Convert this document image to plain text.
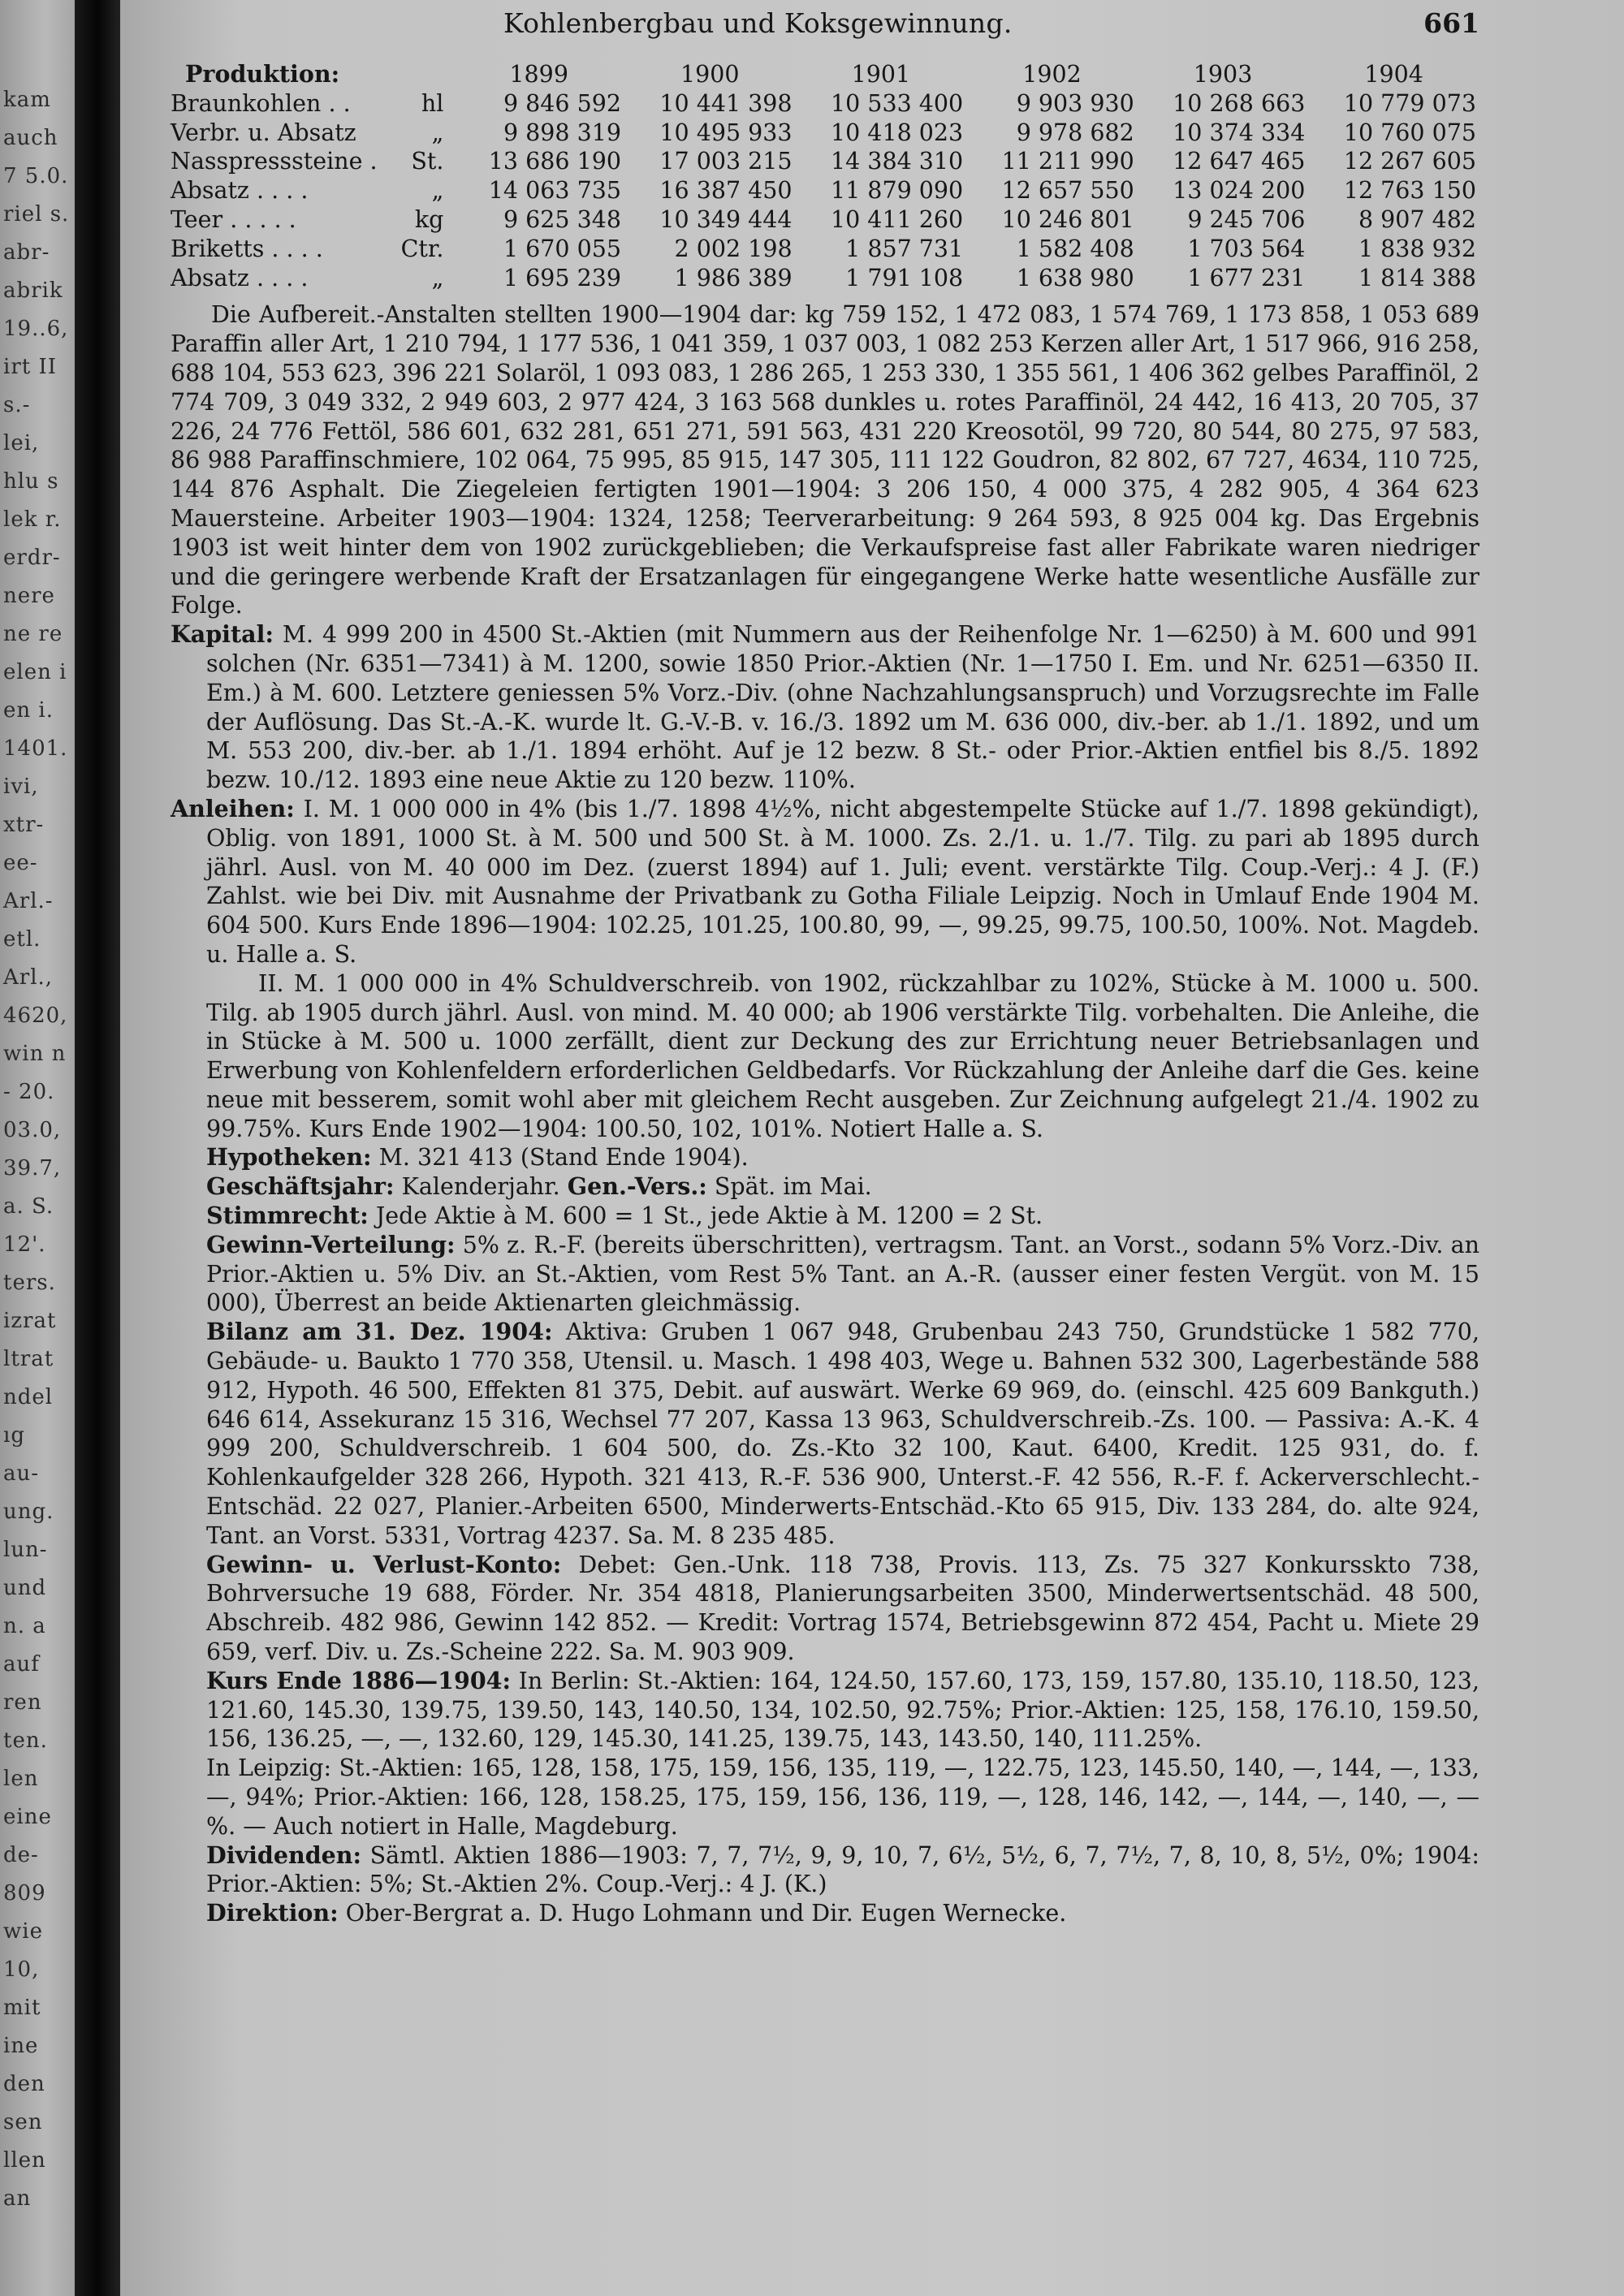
kam
auch
7 5.0.
riel s.
abr-
abrik
19..6,
irt II
s.-
lei,
hlu s
lek r.
erdr-
nere
ne re
elen i
en i.
1401.
ivi,
xtr-
ee-
Arl.-
etl.
Arl.,
4620,
win n
- 20.
03.0,
39.7,
a. S.
12'.
ters.
izrat
ltrat
ndel
ıg
au-
ung.
lun-
und
n. a
auf
ren
ten.
len
eine
de-
809
wie
10,
mit
ine
den
sen
llen
an
Kohlenbergbau und Koksgewinnung.	661
Produktion:		1899	1900	1901	1902	1903	1904
Braunkohlen . .	hl	9 846 592	10 441 398	10 533 400	9 903 930	10 268 663	10 779 073
Verbr. u. Absatz	„	9 898 319	10 495 933	10 418 023	9 978 682	10 374 334	10 760 075
Nasspresssteine .	St.	13 686 190	17 003 215	14 384 310	11 211 990	12 647 465	12 267 605
Absatz . . . .	„	14 063 735	16 387 450	11 879 090	12 657 550	13 024 200	12 763 150
Teer . . . . .	kg	9 625 348	10 349 444	10 411 260	10 246 801	9 245 706	8 907 482
Briketts . . . .	Ctr.	1 670 055	2 002 198	1 857 731	1 582 408	1 703 564	1 838 932
Absatz . . . .	„	1 695 239	1 986 389	1 791 108	1 638 980	1 677 231	1 814 388

Die Aufbereit.-Anstalten stellten 1900—1904 dar: kg 759 152, 1 472 083, 1 574 769, 1 173 858, 1 053 689 Paraffin aller Art, 1 210 794, 1 177 536, 1 041 359, 1 037 003, 1 082 253 Kerzen aller Art, 1 517 966, 916 258, 688 104, 553 623, 396 221 Solaröl, 1 093 083, 1 286 265, 1 253 330, 1 355 561, 1 406 362 gelbes Paraffinöl, 2 774 709, 3 049 332, 2 949 603, 2 977 424, 3 163 568 dunkles u. rotes Paraffinöl, 24 442, 16 413, 20 705, 37 226, 24 776 Fettöl, 586 601, 632 281, 651 271, 591 563, 431 220 Kreosotöl, 99 720, 80 544, 80 275, 97 583, 86 988 Paraffinschmiere, 102 064, 75 995, 85 915, 147 305, 111 122 Goudron, 82 802, 67 727, 4634, 110 725, 144 876 Asphalt. Die Ziegeleien fertigten 1901—1904: 3 206 150, 4 000 375, 4 282 905, 4 364 623 Mauersteine. Arbeiter 1903—1904: 1324, 1258; Teerverarbeitung: 9 264 593, 8 925 004 kg. Das Ergebnis 1903 ist weit hinter dem von 1902 zurückgeblieben; die Verkaufspreise fast aller Fabrikate waren niedriger und die geringere werbende Kraft der Ersatzanlagen für eingegangene Werke hatte wesentliche Ausfälle zur Folge.

Kapital: M. 4 999 200 in 4500 St.-Aktien (mit Nummern aus der Reihenfolge Nr. 1—6250) à M. 600 und 991 solchen (Nr. 6351—7341) à M. 1200, sowie 1850 Prior.-Aktien (Nr. 1—1750 I. Em. und Nr. 6251—6350 II. Em.) à M. 600. Letztere geniessen 5% Vorz.-Div. (ohne Nachzahlungsanspruch) und Vorzugsrechte im Falle der Auflösung. Das St.-A.-K. wurde lt. G.-V.-B. v. 16./3. 1892 um M. 636 000, div.-ber. ab 1./1. 1892, und um M. 553 200, div.-ber. ab 1./1. 1894 erhöht. Auf je 12 bezw. 8 St.- oder Prior.-Aktien entfiel bis 8./5. 1892 bezw. 10./12. 1893 eine neue Aktie zu 120 bezw. 110%.

Anleihen: I. M. 1 000 000 in 4% (bis 1./7. 1898 4½%, nicht abgestempelte Stücke auf 1./7. 1898 gekündigt), Oblig. von 1891, 1000 St. à M. 500 und 500 St. à M. 1000. Zs. 2./1. u. 1./7. Tilg. zu pari ab 1895 durch jährl. Ausl. von M. 40 000 im Dez. (zuerst 1894) auf 1. Juli; event. verstärkte Tilg. Coup.-Verj.: 4 J. (F.) Zahlst. wie bei Div. mit Ausnahme der Privatbank zu Gotha Filiale Leipzig. Noch in Umlauf Ende 1904 M. 604 500. Kurs Ende 1896—1904: 102.25, 101.25, 100.80, 99, —, 99.25, 99.75, 100.50, 100%. Not. Magdeb. u. Halle a. S.

II. M. 1 000 000 in 4% Schuldverschreib. von 1902, rückzahlbar zu 102%, Stücke à M. 1000 u. 500. Tilg. ab 1905 durch jährl. Ausl. von mind. M. 40 000; ab 1906 verstärkte Tilg. vorbehalten. Die Anleihe, die in Stücke à M. 500 u. 1000 zerfällt, dient zur Deckung des zur Errichtung neuer Betriebsanlagen und Erwerbung von Kohlenfeldern erforderlichen Geldbedarfs. Vor Rückzahlung der Anleihe darf die Ges. keine neue mit besserem, somit wohl aber mit gleichem Recht ausgeben. Zur Zeichnung aufgelegt 21./4. 1902 zu 99.75%. Kurs Ende 1902—1904: 100.50, 102, 101%. Notiert Halle a. S.

Hypotheken: M. 321 413 (Stand Ende 1904).

Geschäftsjahr: Kalenderjahr. Gen.-Vers.: Spät. im Mai.

Stimmrecht: Jede Aktie à M. 600 = 1 St., jede Aktie à M. 1200 = 2 St.

Gewinn-Verteilung: 5% z. R.-F. (bereits überschritten), vertragsm. Tant. an Vorst., sodann 5% Vorz.-Div. an Prior.-Aktien u. 5% Div. an St.-Aktien, vom Rest 5% Tant. an A.-R. (ausser einer festen Vergüt. von M. 15 000), Überrest an beide Aktienarten gleichmässig.

Bilanz am 31. Dez. 1904: Aktiva: Gruben 1 067 948, Grubenbau 243 750, Grundstücke 1 582 770, Gebäude- u. Baukto 1 770 358, Utensil. u. Masch. 1 498 403, Wege u. Bahnen 532 300, Lagerbestände 588 912, Hypoth. 46 500, Effekten 81 375, Debit. auf auswärt. Werke 69 969, do. (einschl. 425 609 Bankguth.) 646 614, Assekuranz 15 316, Wechsel 77 207, Kassa 13 963, Schuldverschreib.-Zs. 100. — Passiva: A.-K. 4 999 200, Schuldverschreib. 1 604 500, do. Zs.-Kto 32 100, Kaut. 6400, Kredit. 125 931, do. f. Kohlenkaufgelder 328 266, Hypoth. 321 413, R.-F. 536 900, Unterst.-F. 42 556, R.-F. f. Ackerverschlecht.-Entschäd. 22 027, Planier.-Arbeiten 6500, Minderwerts-Entschäd.-Kto 65 915, Div. 133 284, do. alte 924, Tant. an Vorst. 5331, Vortrag 4237. Sa. M. 8 235 485.

Gewinn- u. Verlust-Konto: Debet: Gen.-Unk. 118 738, Provis. 113, Zs. 75 327 Konkursskto 738, Bohrversuche 19 688, Förder. Nr. 354 4818, Planierungsarbeiten 3500, Minderwertsentschäd. 48 500, Abschreib. 482 986, Gewinn 142 852. — Kredit: Vortrag 1574, Betriebsgewinn 872 454, Pacht u. Miete 29 659, verf. Div. u. Zs.-Scheine 222. Sa. M. 903 909.

Kurs Ende 1886—1904: In Berlin: St.-Aktien: 164, 124.50, 157.60, 173, 159, 157.80, 135.10, 118.50, 123, 121.60, 145.30, 139.75, 139.50, 143, 140.50, 134, 102.50, 92.75%; Prior.-Aktien: 125, 158, 176.10, 159.50, 156, 136.25, —, —, 132.60, 129, 145.30, 141.25, 139.75, 143, 143.50, 140, 111.25%.

In Leipzig: St.-Aktien: 165, 128, 158, 175, 159, 156, 135, 119, —, 122.75, 123, 145.50, 140, —, 144, —, 133, —, 94%; Prior.-Aktien: 166, 128, 158.25, 175, 159, 156, 136, 119, —, 128, 146, 142, —, 144, —, 140, —, —%. — Auch notiert in Halle, Magdeburg.

Dividenden: Sämtl. Aktien 1886—1903: 7, 7, 7½, 9, 9, 10, 7, 6½, 5½, 6, 7, 7½, 7, 8, 10, 8, 5½, 0%; 1904: Prior.-Aktien: 5%; St.-Aktien 2%. Coup.-Verj.: 4 J. (K.)

Direktion: Ober-Bergrat a. D. Hugo Lohmann und Dir. Eugen Wernecke.
